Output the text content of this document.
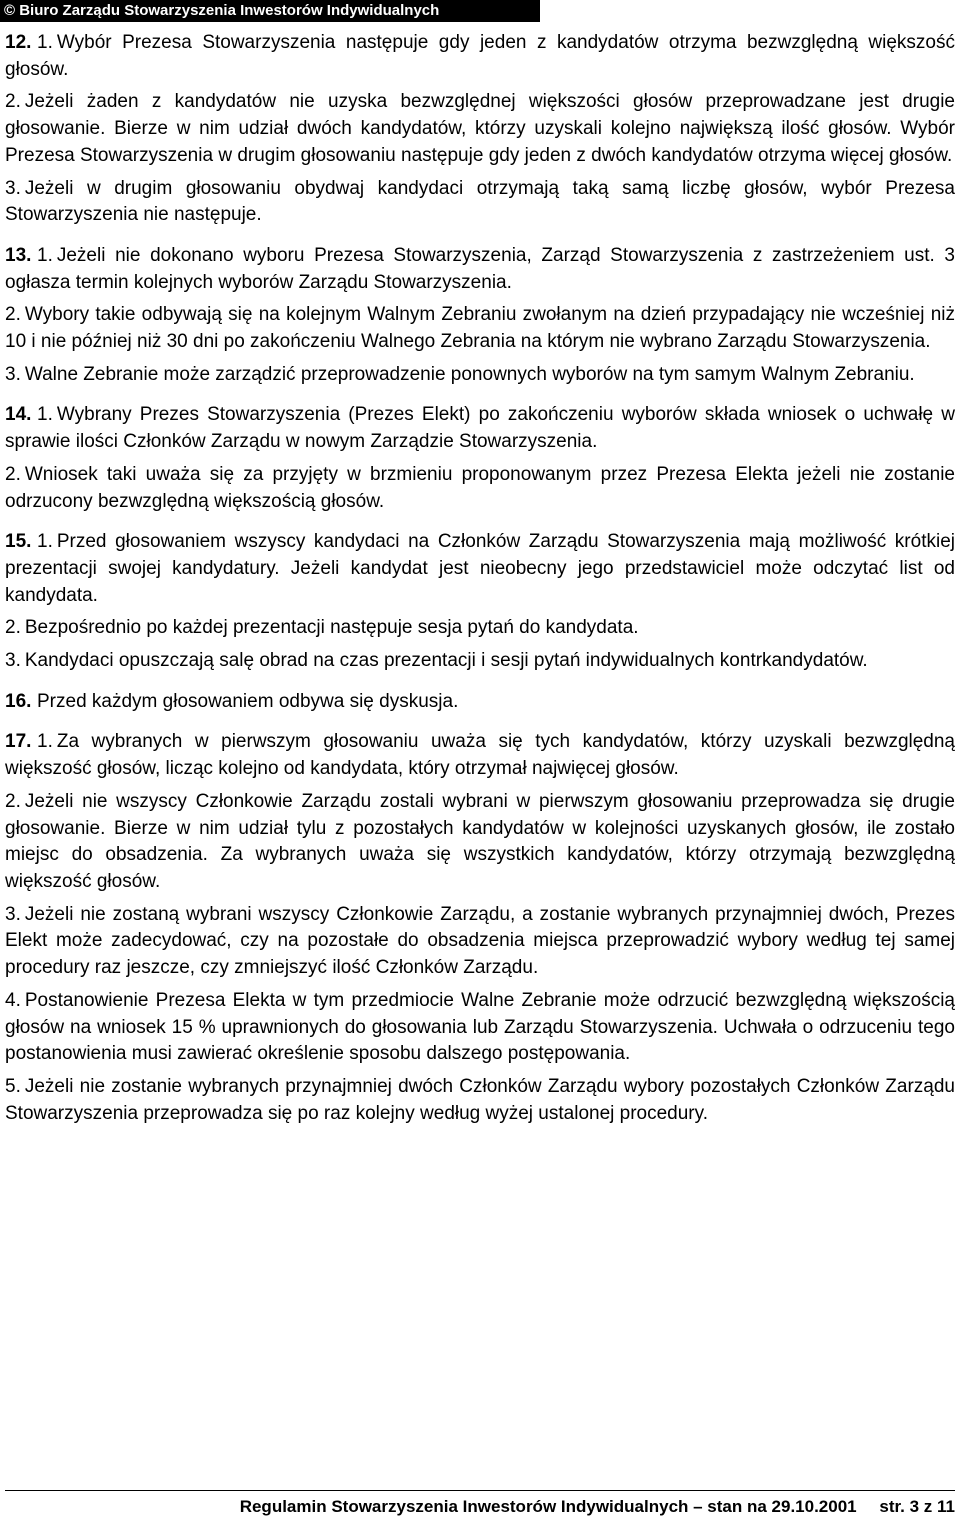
© Biuro Zarządu Stowarzyszenia Inwestorów Indywidualnych

12. 1. Wybór Prezesa Stowarzyszenia następuje gdy jeden z kandydatów otrzyma bezwzględną większość głosów.

2. Jeżeli żaden z kandydatów nie uzyska bezwzględnej większości głosów przeprowadzane jest drugie głosowanie. Bierze w nim udział dwóch kandydatów, którzy uzyskali kolejno największą ilość głosów. Wybór Prezesa Stowarzyszenia w drugim głosowaniu następuje gdy jeden z dwóch kandydatów otrzyma więcej głosów.

3. Jeżeli w drugim głosowaniu obydwaj kandydaci otrzymają taką samą liczbę głosów, wybór Prezesa Stowarzyszenia nie następuje.

13. 1. Jeżeli nie dokonano wyboru Prezesa Stowarzyszenia, Zarząd Stowarzyszenia z zastrzeżeniem ust. 3 ogłasza termin kolejnych wyborów Zarządu Stowarzyszenia.

2. Wybory takie odbywają się na kolejnym Walnym Zebraniu zwołanym na dzień przypadający nie wcześniej niż 10 i nie później niż 30 dni po zakończeniu Walnego Zebrania na którym nie wybrano Zarządu Stowarzyszenia.

3. Walne Zebranie może zarządzić przeprowadzenie ponownych wyborów na tym samym Walnym Zebraniu.

14. 1. Wybrany Prezes Stowarzyszenia (Prezes Elekt) po zakończeniu wyborów składa wniosek o uchwałę w sprawie ilości Członków Zarządu w nowym Zarządzie Stowarzyszenia.

2. Wniosek taki uważa się za przyjęty w brzmieniu proponowanym przez Prezesa Elekta jeżeli nie zostanie odrzucony bezwzględną większością głosów.

15. 1. Przed głosowaniem wszyscy kandydaci na Członków Zarządu Stowarzyszenia mają możliwość krótkiej prezentacji swojej kandydatury. Jeżeli kandydat jest nieobecny jego przedstawiciel może odczytać list od kandydata.

2. Bezpośrednio po każdej prezentacji następuje sesja pytań do kandydata.

3. Kandydaci opuszczają salę obrad na czas prezentacji i sesji pytań indywidualnych kontrkandydatów.

16. Przed każdym głosowaniem odbywa się dyskusja.

17. 1. Za wybranych w pierwszym głosowaniu uważa się tych kandydatów, którzy uzyskali bezwzględną większość głosów, licząc kolejno od kandydata, który otrzymał najwięcej głosów.

2. Jeżeli nie wszyscy Członkowie Zarządu zostali wybrani w pierwszym głosowaniu przeprowadza się drugie głosowanie. Bierze w nim udział tylu z pozostałych kandydatów w kolejności uzyskanych głosów, ile zostało miejsc do obsadzenia. Za wybranych uważa się wszystkich kandydatów, którzy otrzymają bezwzględną większość głosów.

3. Jeżeli nie zostaną wybrani wszyscy Członkowie Zarządu, a zostanie wybranych przynajmniej dwóch, Prezes Elekt może zadecydować, czy na pozostałe do obsadzenia miejsca przeprowadzić wybory według tej samej procedury raz jeszcze, czy zmniejszyć ilość Członków Zarządu.

4. Postanowienie Prezesa Elekta w tym przedmiocie Walne Zebranie może odrzucić bezwzględną większością głosów na wniosek 15 % uprawnionych do głosowania lub Zarządu Stowarzyszenia. Uchwała o odrzuceniu tego postanowienia musi zawierać określenie sposobu dalszego postępowania.

5. Jeżeli nie zostanie wybranych przynajmniej dwóch Członków Zarządu wybory pozostałych Członków Zarządu Stowarzyszenia przeprowadza się po raz kolejny według wyżej ustalonej procedury.

Regulamin Stowarzyszenia Inwestorów Indywidualnych – stan na 29.10.2001 str. 3 z 11
